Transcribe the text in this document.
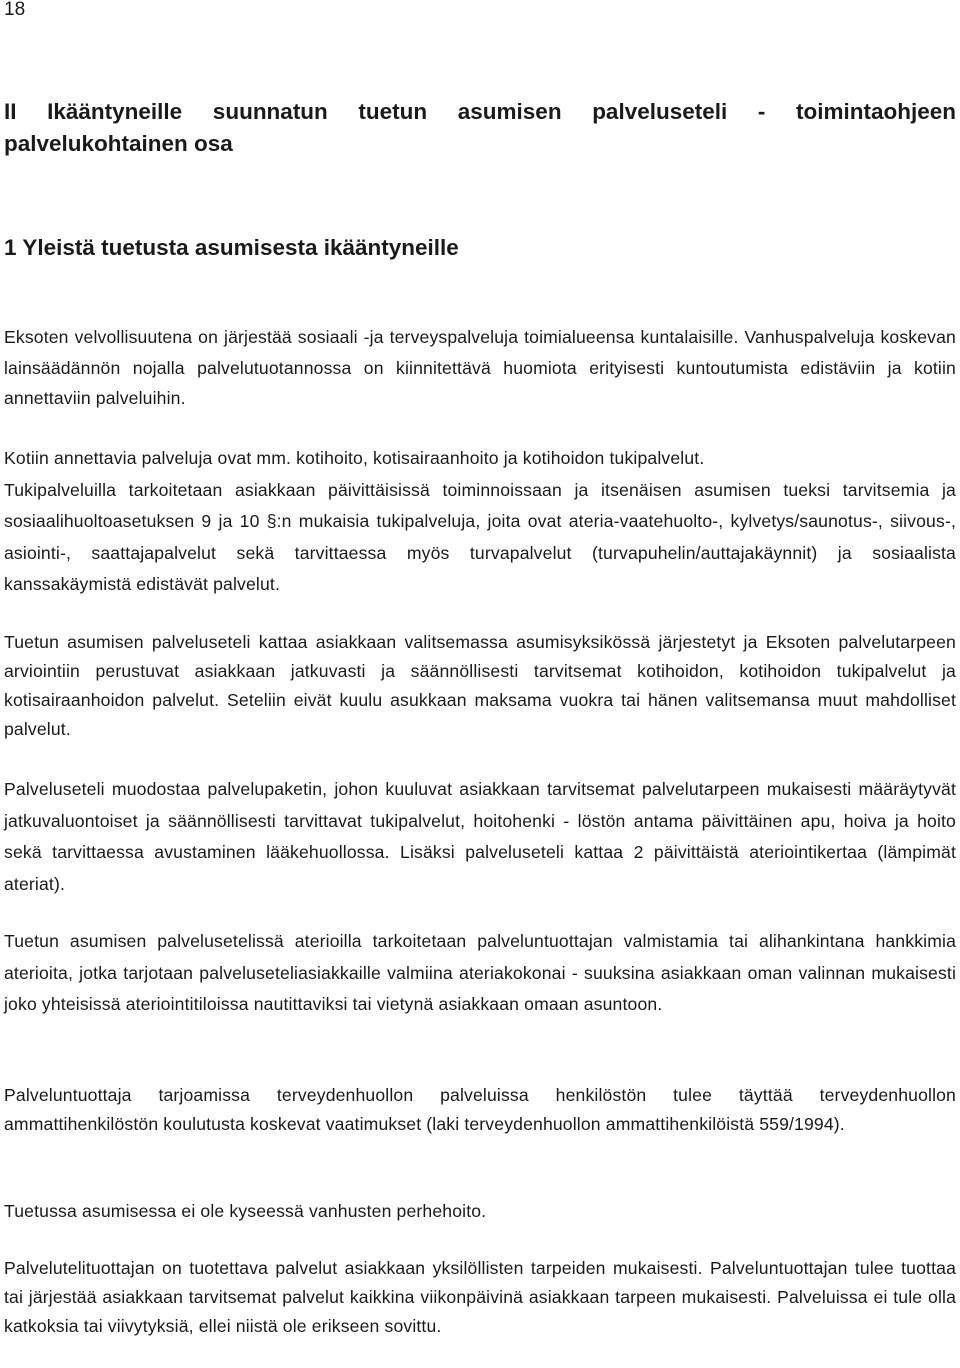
18
II Ikääntyneille suunnatun tuetun asumisen palveluseteli - toimintaohjeen palvelukohtainen osa
1 Yleistä tuetusta asumisesta ikääntyneille

Eksoten velvollisuutena on järjestää sosiaali -ja terveyspalveluja toimialueensa kuntalaisille. Vanhuspalveluja koskevan lainsäädännön nojalla palvelutuotannossa on kiinnitettävä huomiota erityisesti kuntoutumista edistäviin ja kotiin annettaviin palveluihin.

Kotiin annettavia palveluja ovat mm. kotihoito, kotisairaanhoito ja kotihoidon tukipalvelut.
Tukipalveluilla tarkoitetaan asiakkaan päivittäisissä toiminnoissaan ja itsenäisen asumisen tueksi tarvitsemia ja sosiaalihuoltoasetuksen 9 ja 10 §:n mukaisia tukipalveluja, joita ovat ateria-vaatehuolto-, kylvetys/saunotus-, siivous-, asiointi-, saattajapalvelut sekä tarvittaessa myös turvapalvelut (turvapuhelin/auttajakäynnit) ja sosiaalista kanssakäymistä edistävät palvelut.

Tuetun asumisen palveluseteli kattaa asiakkaan valitsemassa asumisyksikössä järjestetyt ja Eksoten palvelutarpeen arviointiin perustuvat asiakkaan jatkuvasti ja säännöllisesti tarvitsemat kotihoidon, kotihoidon tukipalvelut ja kotisairaanhoidon palvelut. Seteliin eivät kuulu asukkaan maksama vuokra tai hänen valitsemansa muut mahdolliset palvelut.

Palveluseteli muodostaa palvelupaketin, johon kuuluvat asiakkaan tarvitsemat palvelutarpeen mukaisesti määräytyvät jatkuvaluontoiset ja säännöllisesti tarvittavat tukipalvelut, hoitohenki - löstön antama päivittäinen apu, hoiva ja hoito sekä tarvittaessa avustaminen lääkehuollossa. Lisäksi palveluseteli kattaa 2 päivittäistä ateriointikertaa (lämpimät ateriat).

Tuetun asumisen palvelusetelissä aterioilla tarkoitetaan palveluntuottajan valmistamia tai alihankintana hankkimia aterioita, jotka tarjotaan palveluseteliasiakkaille valmiina ateriakokonai - suuksina asiakkaan oman valinnan mukaisesti joko yhteisissä ateriointitiloissa nautittaviksi tai vietynä asiakkaan omaan asuntoon.

Palveluntuottaja tarjoamissa terveydenhuollon palveluissa henkilöstön tulee täyttää terveydenhuollon ammattihenkilöstön koulutusta koskevat vaatimukset (laki terveydenhuollon ammattihenkilöistä 559/1994).

Tuetussa asumisessa ei ole kyseessä vanhusten perhehoito.

Palvelutelituottajan on tuotettava palvelut asiakkaan yksilöllisten tarpeiden mukaisesti. Palveluntuottajan tulee tuottaa tai järjestää asiakkaan tarvitsemat palvelut kaikkina viikonpäivinä asiakkaan tarpeen mukaisesti. Palveluissa ei tule olla katkoksia tai viivytyksiä, ellei niistä ole erikseen sovittu.
